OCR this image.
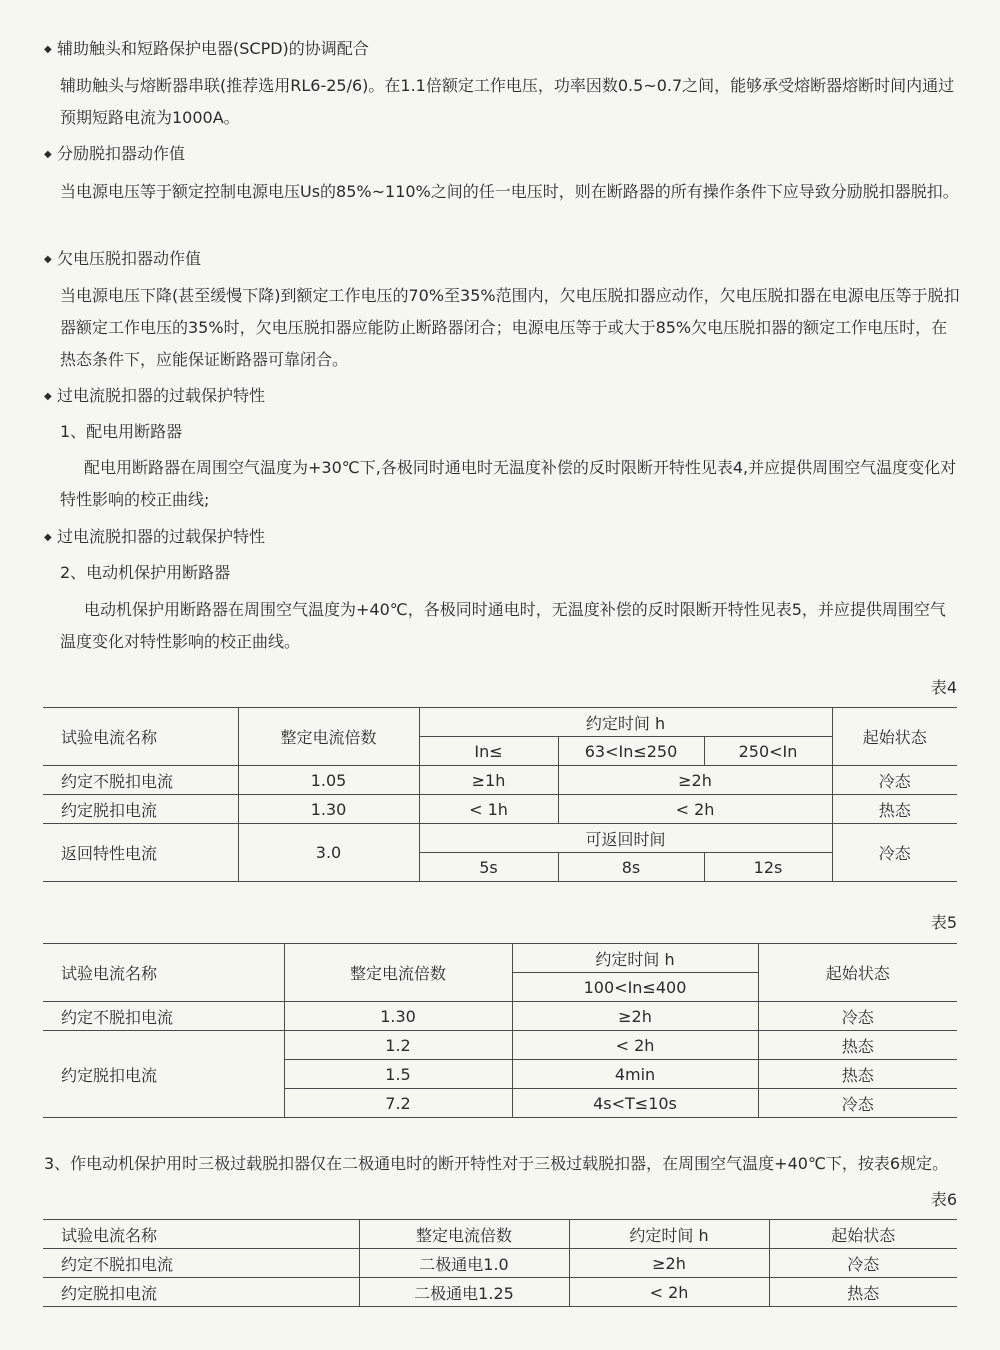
◆ 辅助触头和短路保护电器(SCPD)的协调配合

辅助触头与熔断器串联(推荐选用RL6-25/6)。在1.1倍额定工作电压，功率因数0.5~0.7之间，能够承受熔断器熔断时间内通过预期短路电流为1000A。

◆ 分励脱扣器动作值

当电源电压等于额定控制电源电压Us的85%~110%之间的任一电压时，则在断路器的所有操作条件下应导致分励脱扣器脱扣。

◆ 欠电压脱扣器动作值

当电源电压下降(甚至缓慢下降)到额定工作电压的70%至35%范围内，欠电压脱扣器应动作，欠电压脱扣器在电源电压等于脱扣器额定工作电压的35%时，欠电压脱扣器应能防止断路器闭合；电源电压等于或大于85%欠电压脱扣器的额定工作电压时，在热态条件下，应能保证断路器可靠闭合。

◆ 过电流脱扣器的过载保护特性
1、配电用断路器

配电用断路器在周围空气温度为+30℃下,各极同时通电时无温度补偿的反时限断开特性见表4,并应提供周围空气温度变化对特性影响的校正曲线;

◆ 过电流脱扣器的过载保护特性
2、电动机保护用断路器

电动机保护用断路器在周围空气温度为+40℃，各极同时通电时，无温度补偿的反时限断开特性见表5，并应提供周围空气温度变化对特性影响的校正曲线。

表4
试验电流名称	整定电流倍数	约定时间 h			起始状态
		In≤	63<In≤250	250<In	
约定不脱扣电流	1.05	≥1h	≥2h		冷态
约定脱扣电流	1.30	< 1h	< 2h		热态
返回特性电流	3.0	可返回时间			冷态
		5s	8s	12s	
表5
试验电流名称	整定电流倍数	约定时间 h	起始状态
		100<In≤400	
约定不脱扣电流	1.30	≥2h	冷态
约定脱扣电流	1.2	< 2h	热态
	1.5	4min	热态
	7.2	4s<T≤10s	冷态

3、作电动机保护用时三极过载脱扣器仅在二极通电时的断开特性对于三极过载脱扣器，在周围空气温度+40℃下，按表6规定。

表6
试验电流名称	整定电流倍数	约定时间 h	起始状态
约定不脱扣电流	二极通电1.0	≥2h	冷态
约定脱扣电流	二极通电1.25	< 2h	热态
